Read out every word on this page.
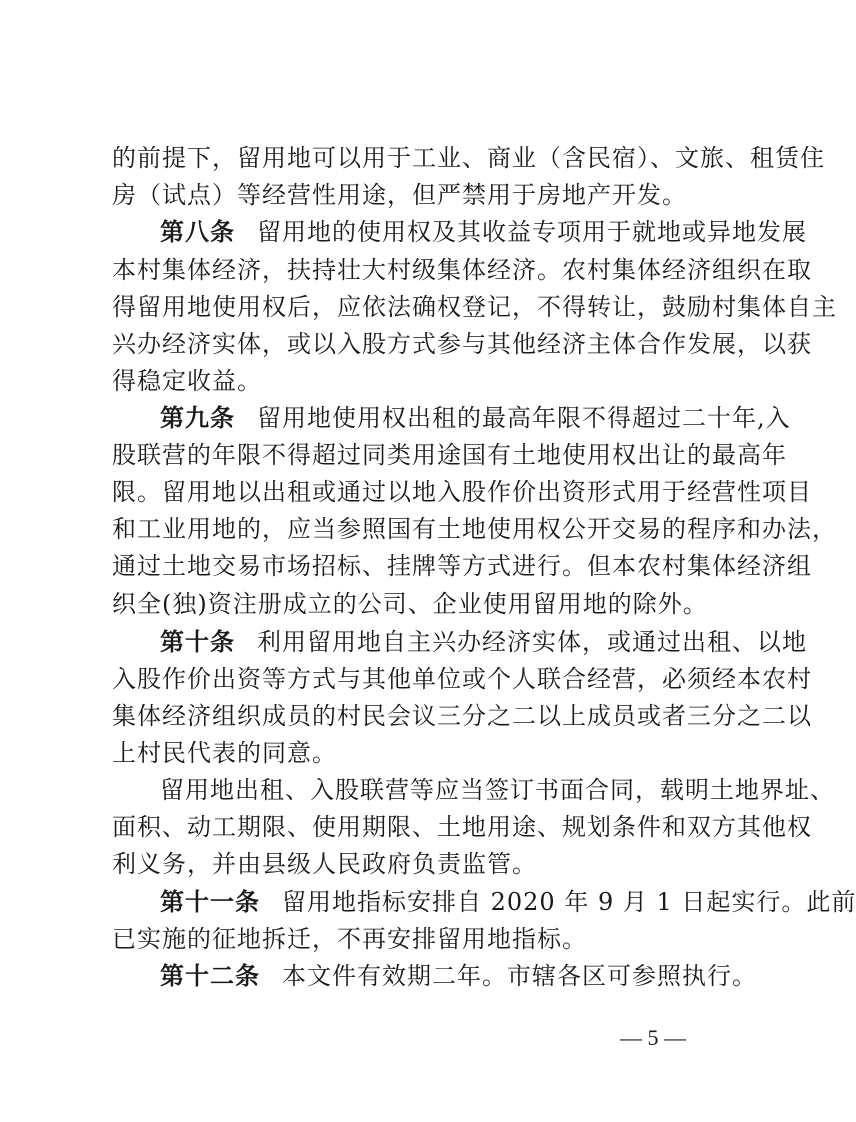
的前提下，留用地可以用于工业、商业（含民宿）、文旅、租赁住
房（试点）等经营性用途，但严禁用于房地产开发。
第八条 留用地的使用权及其收益专项用于就地或异地发展
本村集体经济，扶持壮大村级集体经济。农村集体经济组织在取
得留用地使用权后，应依法确权登记，不得转让，鼓励村集体自主
兴办经济实体，或以入股方式参与其他经济主体合作发展，以获
得稳定收益。
第九条 留用地使用权出租的最高年限不得超过二十年,入
股联营的年限不得超过同类用途国有土地使用权出让的最高年
限。留用地以出租或通过以地入股作价出资形式用于经营性项目
和工业用地的，应当参照国有土地使用权公开交易的程序和办法，
通过土地交易市场招标、挂牌等方式进行。但本农村集体经济组
织全(独)资注册成立的公司、企业使用留用地的除外。
第十条 利用留用地自主兴办经济实体，或通过出租、以地
入股作价出资等方式与其他单位或个人联合经营，必须经本农村
集体经济组织成员的村民会议三分之二以上成员或者三分之二以
上村民代表的同意。
留用地出租、入股联营等应当签订书面合同，载明土地界址、
面积、动工期限、使用期限、土地用途、规划条件和双方其他权
利义务，并由县级人民政府负责监管。
第十一条 留用地指标安排自 2020 年 9 月 1 日起实行。此前
已实施的征地拆迁，不再安排留用地指标。
第十二条 本文件有效期二年。市辖各区可参照执行。
— 5 —
